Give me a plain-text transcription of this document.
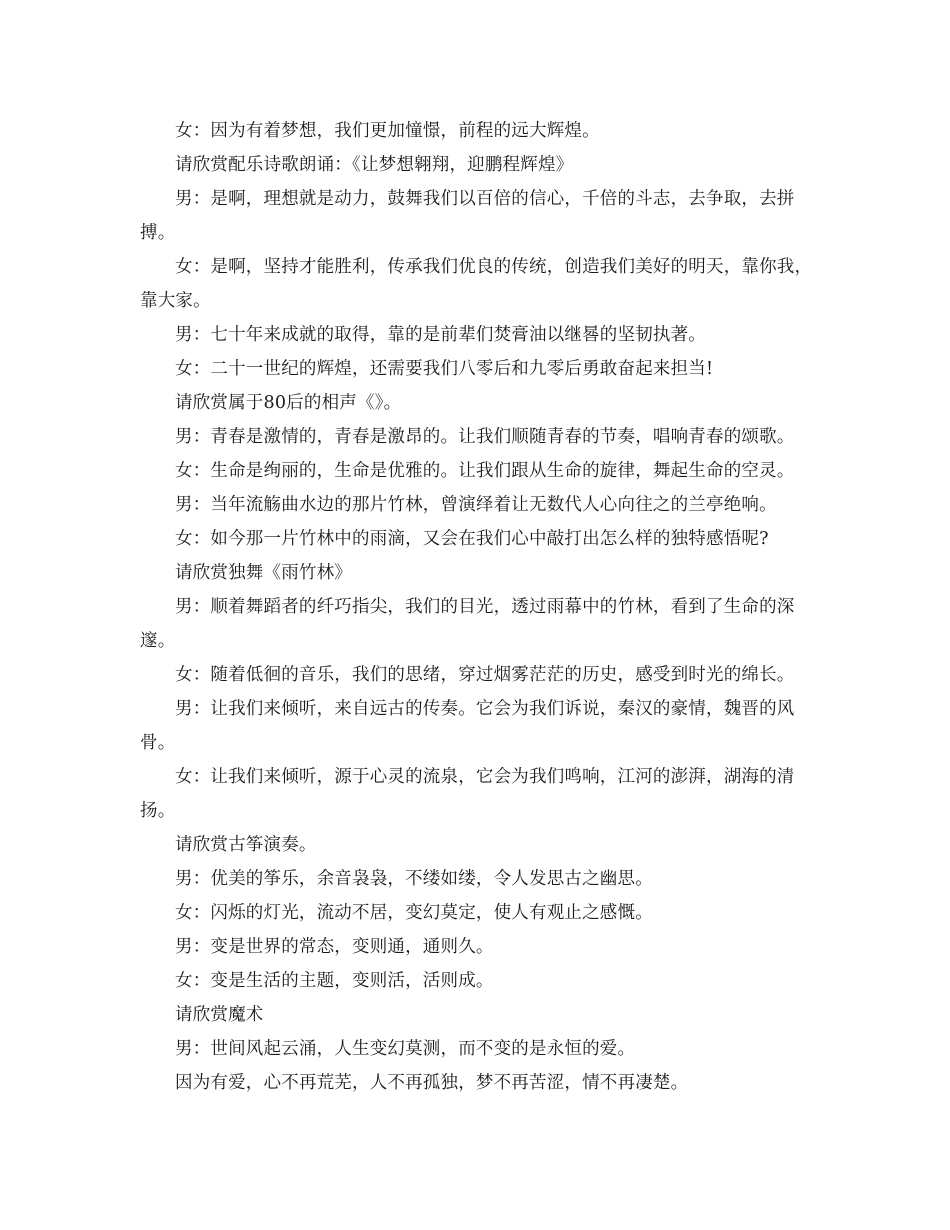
女：因为有着梦想，我们更加憧憬，前程的远大辉煌。

请欣赏配乐诗歌朗诵：《让梦想翱翔，迎鹏程辉煌》

男：是啊，理想就是动力，鼓舞我们以百倍的信心，千倍的斗志，去争取，去拼搏。

女：是啊，坚持才能胜利，传承我们优良的传统，创造我们美好的明天，靠你我，靠大家。

男：七十年来成就的取得，靠的是前辈们焚膏油以继晷的坚韧执著。

女：二十一世纪的辉煌，还需要我们八零后和九零后勇敢奋起来担当!

请欣赏属于80后的相声《》。

男：青春是激情的，青春是激昂的。让我们顺随青春的节奏，唱响青春的颂歌。

女：生命是绚丽的，生命是优雅的。让我们跟从生命的旋律，舞起生命的空灵。

男：当年流觞曲水边的那片竹林，曾演绎着让无数代人心向往之的兰亭绝响。

女：如今那一片竹林中的雨滴，又会在我们心中敲打出怎么样的独特感悟呢?

请欣赏独舞《雨竹林》

男：顺着舞蹈者的纤巧指尖，我们的目光，透过雨幕中的竹林，看到了生命的深邃。

女：随着低徊的音乐，我们的思绪，穿过烟雾茫茫的历史，感受到时光的绵长。

男：让我们来倾听，来自远古的传奏。它会为我们诉说，秦汉的豪情，魏晋的风骨。

女：让我们来倾听，源于心灵的流泉，它会为我们鸣响，江河的澎湃，湖海的清扬。

请欣赏古筝演奏。

男：优美的筝乐，余音袅袅，不缕如缕，令人发思古之幽思。

女：闪烁的灯光，流动不居，变幻莫定，使人有观止之感慨。

男：变是世界的常态，变则通，通则久。

女：变是生活的主题，变则活，活则成。

请欣赏魔术

男：世间风起云涌，人生变幻莫测，而不变的是永恒的爱。

因为有爱，心不再荒芜，人不再孤独，梦不再苦涩，情不再凄楚。
